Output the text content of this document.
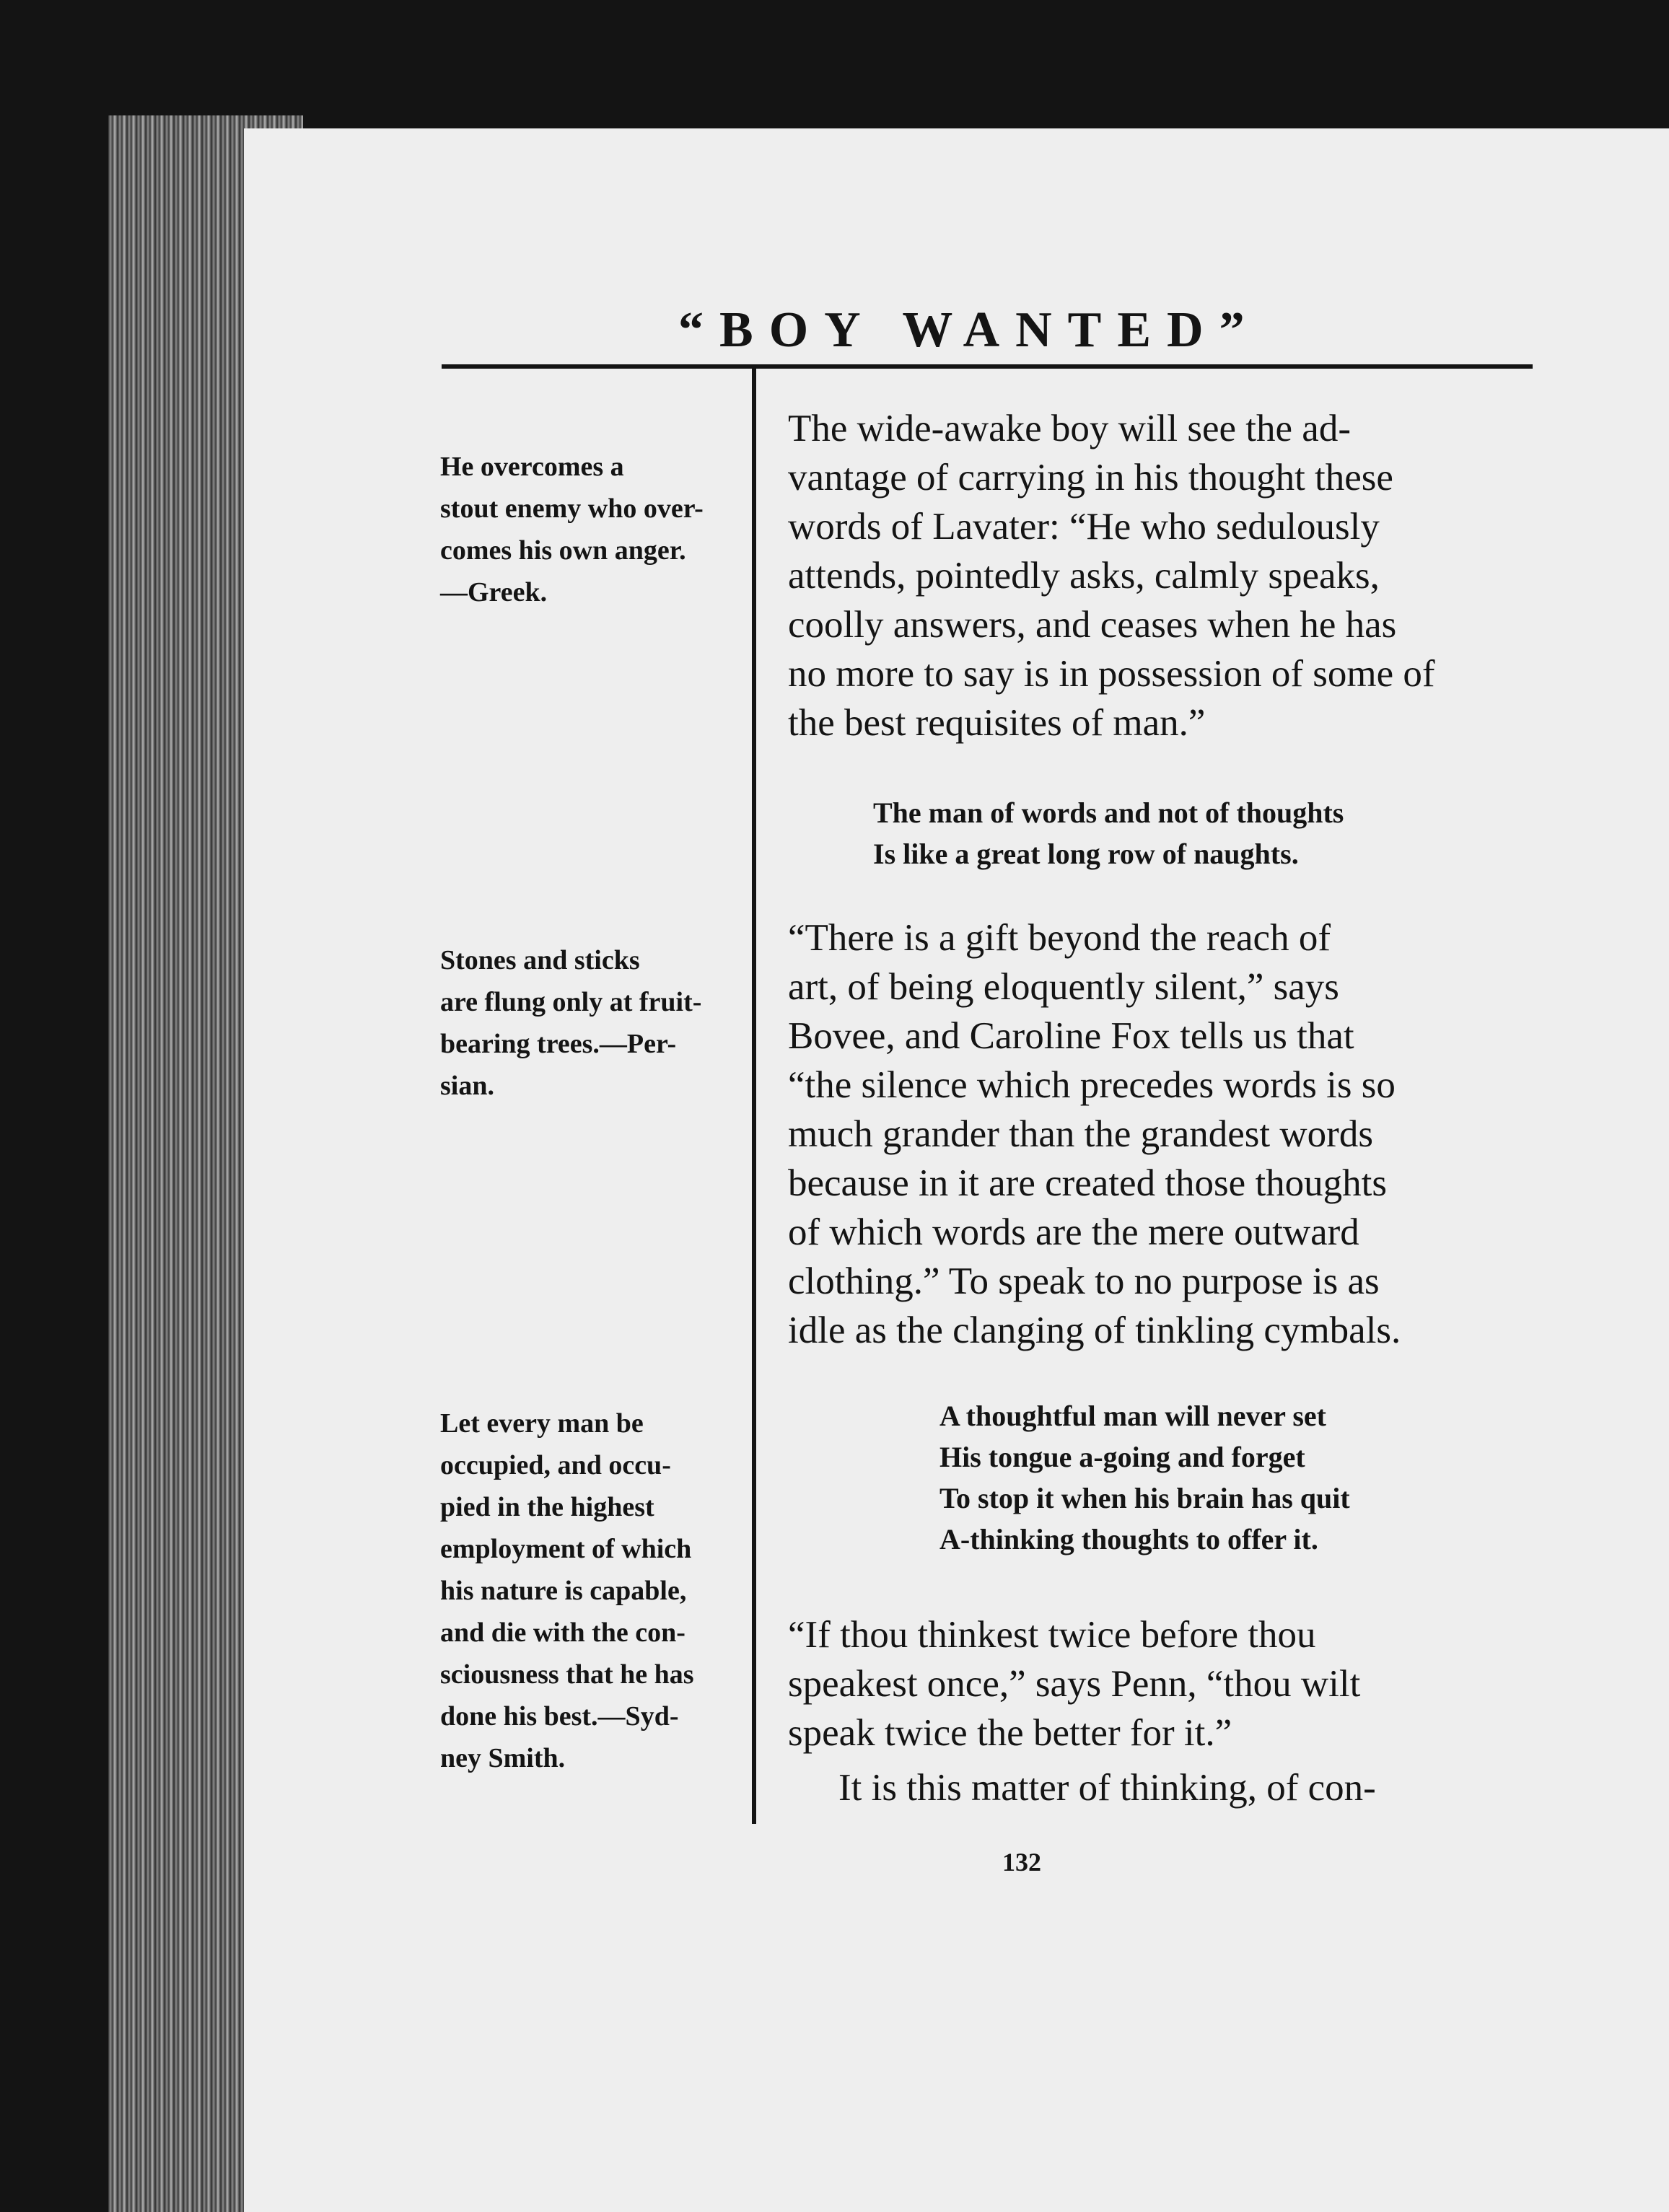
“BOY WANTED”
He overcomes a
stout enemy who over-
comes his own anger.
—Greek.
Stones and sticks
are flung only at fruit-
bearing trees.—Per-
sian.
Let every man be
occupied, and occu-
pied in the highest
employment of which
his nature is capable,
and die with the con-
sciousness that he has
done his best.—Syd-
ney Smith.
The wide-awake boy will see the ad-
vantage of carrying in his thought these
words of Lavater: “He who sedulously
attends, pointedly asks, calmly speaks,
coolly answers, and ceases when he has
no more to say is in possession of some of
the best requisites of man.”
The man of words and not of thoughts
Is like a great long row of naughts.
“There is a gift beyond the reach of
art, of being eloquently silent,” says
Bovee, and Caroline Fox tells us that
“the silence which precedes words is so
much grander than the grandest words
because in it are created those thoughts
of which words are the mere outward
clothing.” To speak to no purpose is as
idle as the clanging of tinkling cymbals.
A thoughtful man will never set
His tongue a-going and forget
To stop it when his brain has quit
A-thinking thoughts to offer it.
“If thou thinkest twice before thou
speakest once,” says Penn, “thou wilt
speak twice the better for it.”
It is this matter of thinking, of con-
132
